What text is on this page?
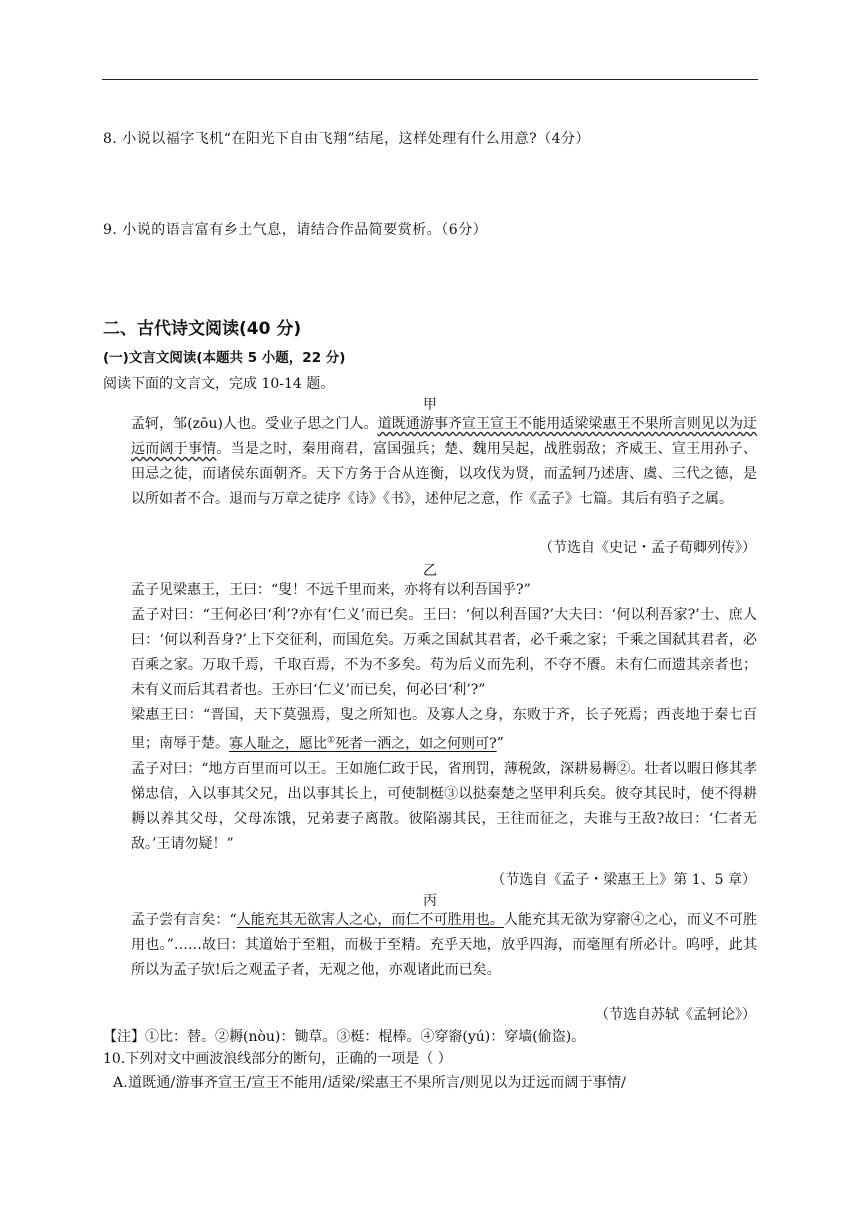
8. 小说以福字飞机“在阳光下自由飞翔”结尾，这样处理有什么用意?（4分）
9. 小说的语言富有乡土气息，请结合作品简要赏析。（6分）
二、古代诗文阅读(40 分)
(一)文言文阅读(本题共 5 小题，22 分)
阅读下面的文言文，完成 10-14 题。
甲
孟轲，邹(zōu)人也。受业子思之门人。道既通游事齐宣王宣王不能用适梁梁惠王不果所言则见以为迂远而阔于事情。当是之时，秦用商君，富国强兵；楚、魏用吴起，战胜弱敌；齐威王、宣王用孙子、田忌之徒，而诸侯东面朝齐。天下方务于合从连衡，以攻伐为贤，而孟轲乃述唐、虞、三代之德，是以所如者不合。退而与万章之徒序《诗》《书》，述仲尼之意，作《孟子》七篇。其后有驺子之属。
（节选自《史记・孟子荀卿列传》）
乙
孟子见梁惠王，王曰：“叟！不远千里而来，亦将有以利吾国乎?”
孟子对曰：“王何必曰‘利’?亦有‘仁义’而已矣。王曰：‘何以利吾国?’大夫曰：‘何以利吾家?’士、庶人曰：‘何以利吾身?’上下交征利，而国危矣。万乘之国弑其君者，必千乘之家；千乘之国弑其君者，必百乘之家。万取千焉，千取百焉，不为不多矣。苟为后义而先利，不夺不餍。未有仁而遗其亲者也；未有义而后其君者也。王亦曰‘仁义’而已矣，何必曰‘利’?”
梁惠王曰：“晋国，天下莫强焉，叟之所知也。及寡人之身，东败于齐，长子死焉；西丧地于秦七百里；南辱于楚。寡人耻之，愿比①死者一洒之，如之何则可?”
孟子对曰：“地方百里而可以王。王如施仁政于民，省刑罚，薄税敛，深耕易耨②。壮者以暇日修其孝悌忠信，入以事其父兄，出以事其长上，可使制梃③以挞秦楚之坚甲利兵矣。彼夺其民时，使不得耕耨以养其父母，父母冻饿，兄弟妻子离散。彼陷溺其民，王往而征之，夫谁与王敌?故曰：‘仁者无敌。’王请勿疑！”
（节选自《孟子・梁惠王上》第 1、5 章）
丙
孟子尝有言矣：“人能充其无欲害人之心，而仁不可胜用也。人能充其无欲为穿窬④之心，而义不可胜用也。”……故曰：其道始于至粗，而极于至精。充乎天地，放乎四海，而毫厘有所必计。呜呼，此其所以为孟子欤!后之观孟子者，无观之他，亦观诸此而已矣。
（节选自苏轼《孟轲论》）
【注】①比：替。②耨(nòu)：锄草。③梃：棍棒。④穿窬(yú)：穿墙(偷盗)。
10.下列对文中画波浪线部分的断句，正确的一项是（ ）
A.道既通/游事齐宣王/宣王不能用/适梁/梁惠王不果所言/则见以为迂远而阔于事情/
